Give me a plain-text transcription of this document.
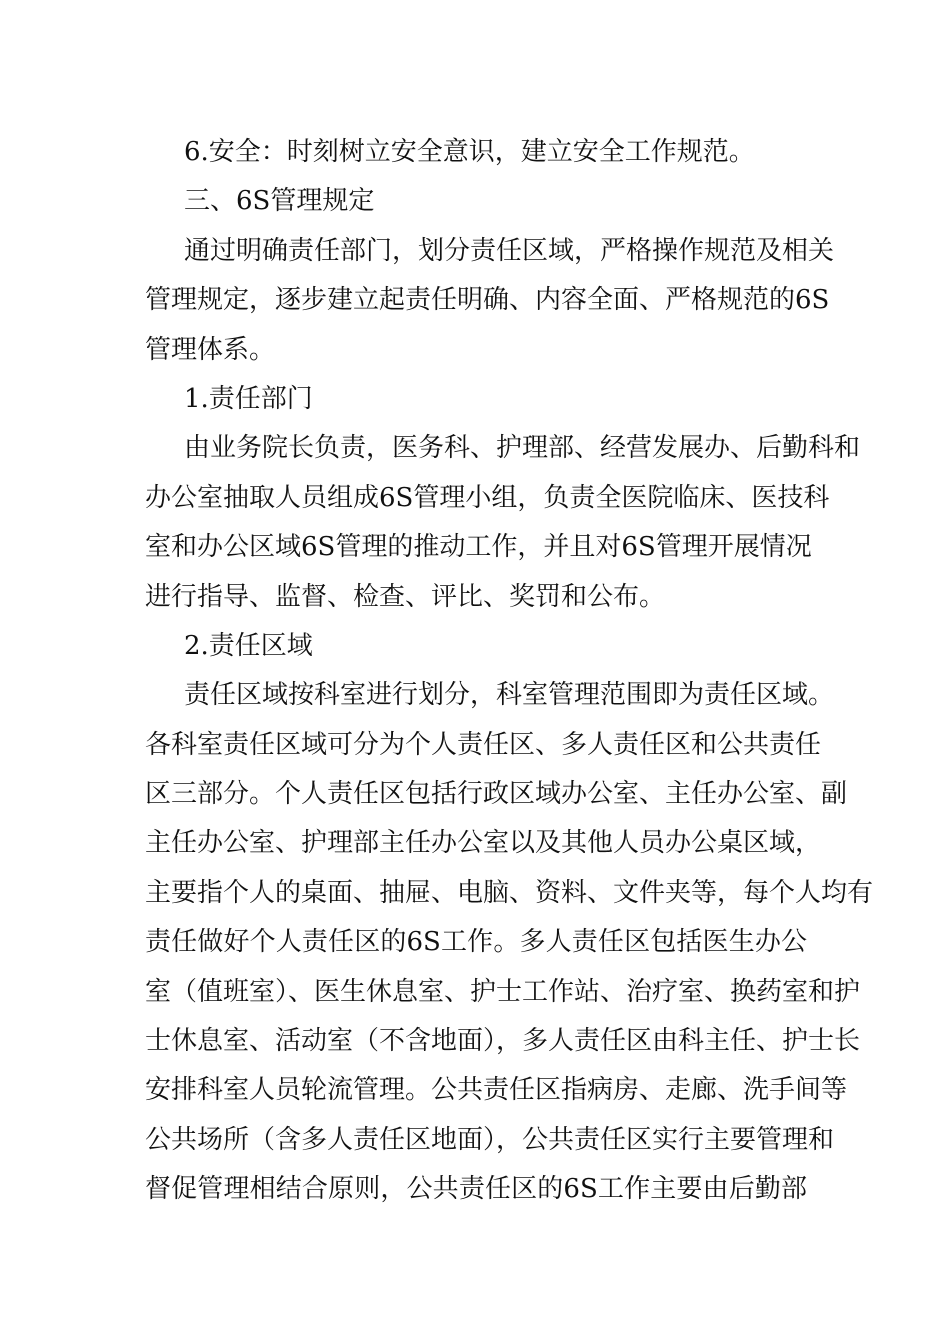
6.安全：时刻树立安全意识，建立安全工作规范。
三、6S管理规定
通过明确责任部门，划分责任区域，严格操作规范及相关
管理规定，逐步建立起责任明确、内容全面、严格规范的6S
管理体系。
1.责任部门
由业务院长负责，医务科、护理部、经营发展办、后勤科和
办公室抽取人员组成6S管理小组，负责全医院临床、医技科
室和办公区域6S管理的推动工作，并且对6S管理开展情况
进行指导、监督、检查、评比、奖罚和公布。
2.责任区域
责任区域按科室进行划分，科室管理范围即为责任区域。
各科室责任区域可分为个人责任区、多人责任区和公共责任
区三部分。个人责任区包括行政区域办公室、主任办公室、副
主任办公室、护理部主任办公室以及其他人员办公桌区域，
主要指个人的桌面、抽屉、电脑、资料、文件夹等，每个人均有
责任做好个人责任区的6S工作。多人责任区包括医生办公
室（值班室）、医生休息室、护士工作站、治疗室、换药室和护
士休息室、活动室（不含地面），多人责任区由科主任、护士长
安排科室人员轮流管理。公共责任区指病房、走廊、洗手间等
公共场所（含多人责任区地面），公共责任区实行主要管理和
督促管理相结合原则，公共责任区的6S工作主要由后勤部
